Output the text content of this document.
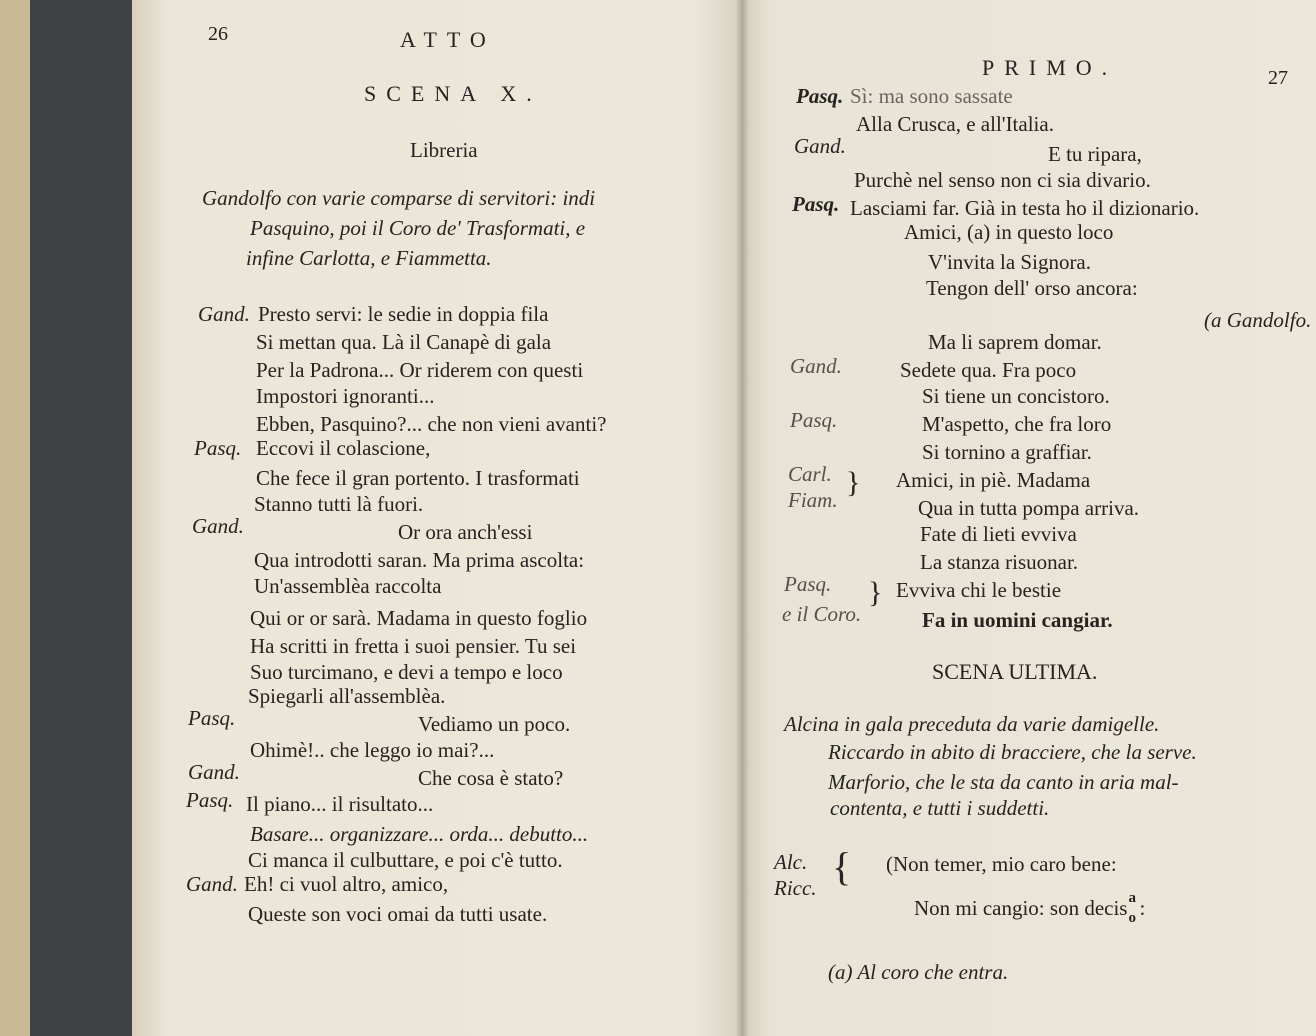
26	ATTO
SCENA X.
Libreria
Gandolfo con varie comparse di servitori: indi
Pasquino, poi il Coro de' Trasformati, e
infine Carlotta, e Fiammetta.
Gand. Presto servi: le sedie in doppia fila
Si mettan qua. Là il Canapè di gala
Per la Padrona... Or riderem con questi
Impostori ignoranti...
Ebben, Pasquino?... che non vieni avanti?
Pasq. Eccovi il colascione,
Che fece il gran portento. I trasformati
Stanno tutti là fuori.
Gand.	Or ora anch'essi
Qua introdotti saran. Ma prima ascolta:
Un'assemblèa raccolta
Qui or or sarà. Madama in questo foglio
Ha scritti in fretta i suoi pensier. Tu sei
Suo turcimano, e devi a tempo e loco
Spiegarli all'assemblèa.
Pasq.	Vediamo un poco.
Ohimè!.. che leggo io mai?...
Gand.	Che cosa è stato?
Pasq. Il piano... il risultato...
Basare... organizzare... orda... debutto...
Ci manca il culbuttare, e poi c'è tutto.
Gand. Eh! ci vuol altro, amico,
Queste son voci omai da tutti usate.
PRIMO.	27
Pasq. Sì: ma sono sassate
Alla Crusca, e all'Italia.
Gand.	E tu ripara,
Purchè nel senso non ci sia divario.
Pasq. Lasciami far. Già in testa ho il dizionario.
Amici, (a) in questo loco
V'invita la Signora.
Tengon dell' orso ancora:
(a Gandolfo.
Ma li saprem domar.
Gand.	Sedete qua. Fra poco
Si tiene un concistoro.
Pasq.	M'aspetto, che fra loro
Si tornino a graffiar.
Carl. } Amici, in piè. Madama
Fiam.	Qua in tutta pompa arriva.
Fate di lieti evviva
La stanza risuonar.
Pasq. } Evviva chi le bestie
e il Coro.	Fa in uomini cangiar.
SCENA ULTIMA.
Alcina in gala preceduta da varie damigelle.
Riccardo in abito di bracciere, che la serve.
Marforio, che le sta da canto in aria mal-
contenta, e tutti i suddetti.
Alc.
Ricc. { (Non temer, mio caro bene:
Non mi cangio: son decis a
o :
(a) Al coro che entra.
